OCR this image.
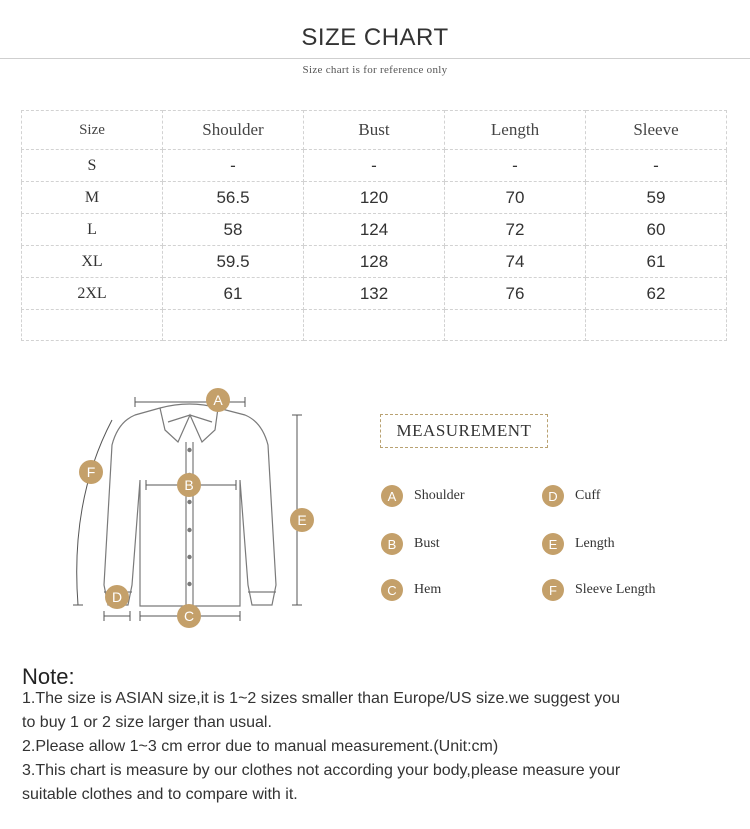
SIZE CHART
Size chart is for reference only
Size	Shoulder	Bust	Length	Sleeve
S	-	-	-	-
M	56.5	120	70	59
L	58	124	72	60
XL	59.5	128	74	61
2XL	61	132	76	62

A
B
C
D
E
F
MEASUREMENT
A	Shoulder
B	Bust
C	Hem
D	Cuff
E	Length
F	Sleeve Length
Note:
1.The size is ASIAN size,it is 1~2 sizes smaller than Europe/US size.we suggest you
to buy 1 or 2 size larger than usual.
2.Please allow 1~3 cm error due to manual measurement.(Unit:cm)
3.This chart is measure by our clothes not according your body,please measure your
suitable clothes and to compare with it.
